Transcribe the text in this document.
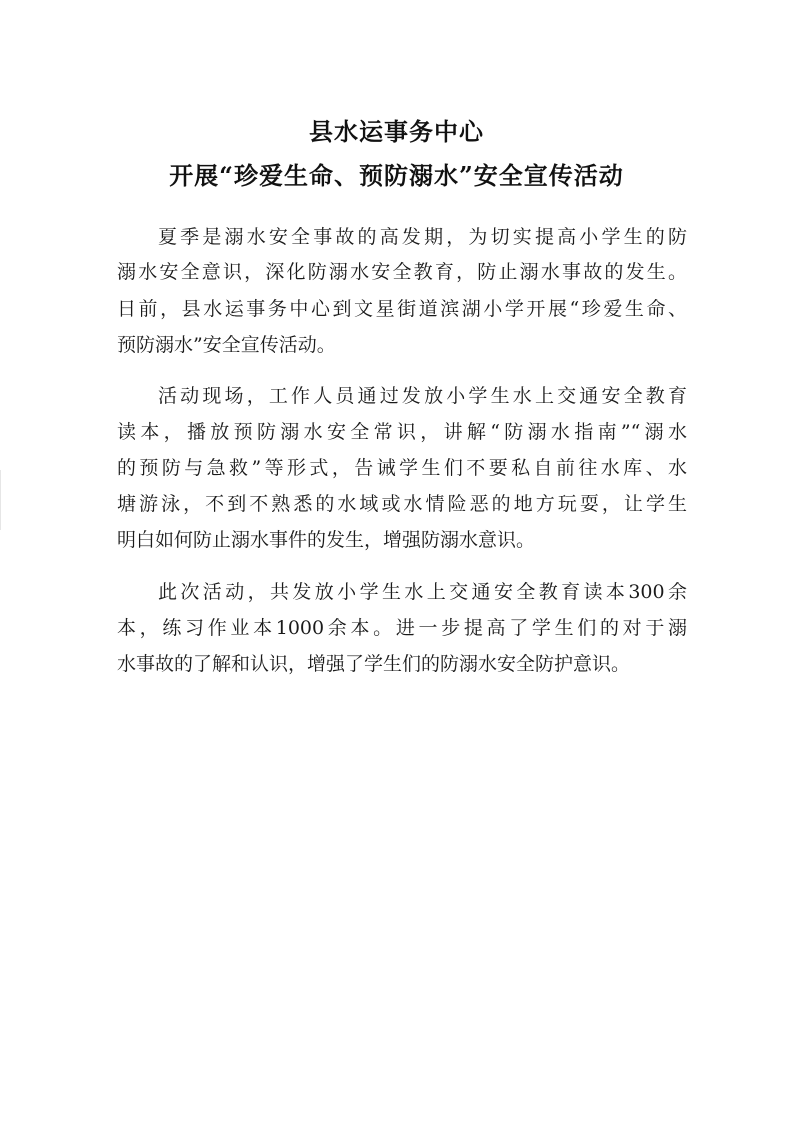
县水运事务中心
开展“珍爱生命、预防溺水”安全宣传活动
夏季是溺水安全事故的高发期，为切实提高小学生的防
溺水安全意识，深化防溺水安全教育，防止溺水事故的发生。
日前，县水运事务中心到文星街道滨湖小学开展“珍爱生命、
预防溺水”安全宣传活动。
活动现场，工作人员通过发放小学生水上交通安全教育
读本，播放预防溺水安全常识，讲解“防溺水指南”“溺水
的预防与急救”等形式，告诫学生们不要私自前往水库、水
塘游泳，不到不熟悉的水域或水情险恶的地方玩耍，让学生
明白如何防止溺水事件的发生，增强防溺水意识。
此次活动，共发放小学生水上交通安全教育读本300余
本，练习作业本1000余本。进一步提高了学生们的对于溺
水事故的了解和认识，增强了学生们的防溺水安全防护意识。
